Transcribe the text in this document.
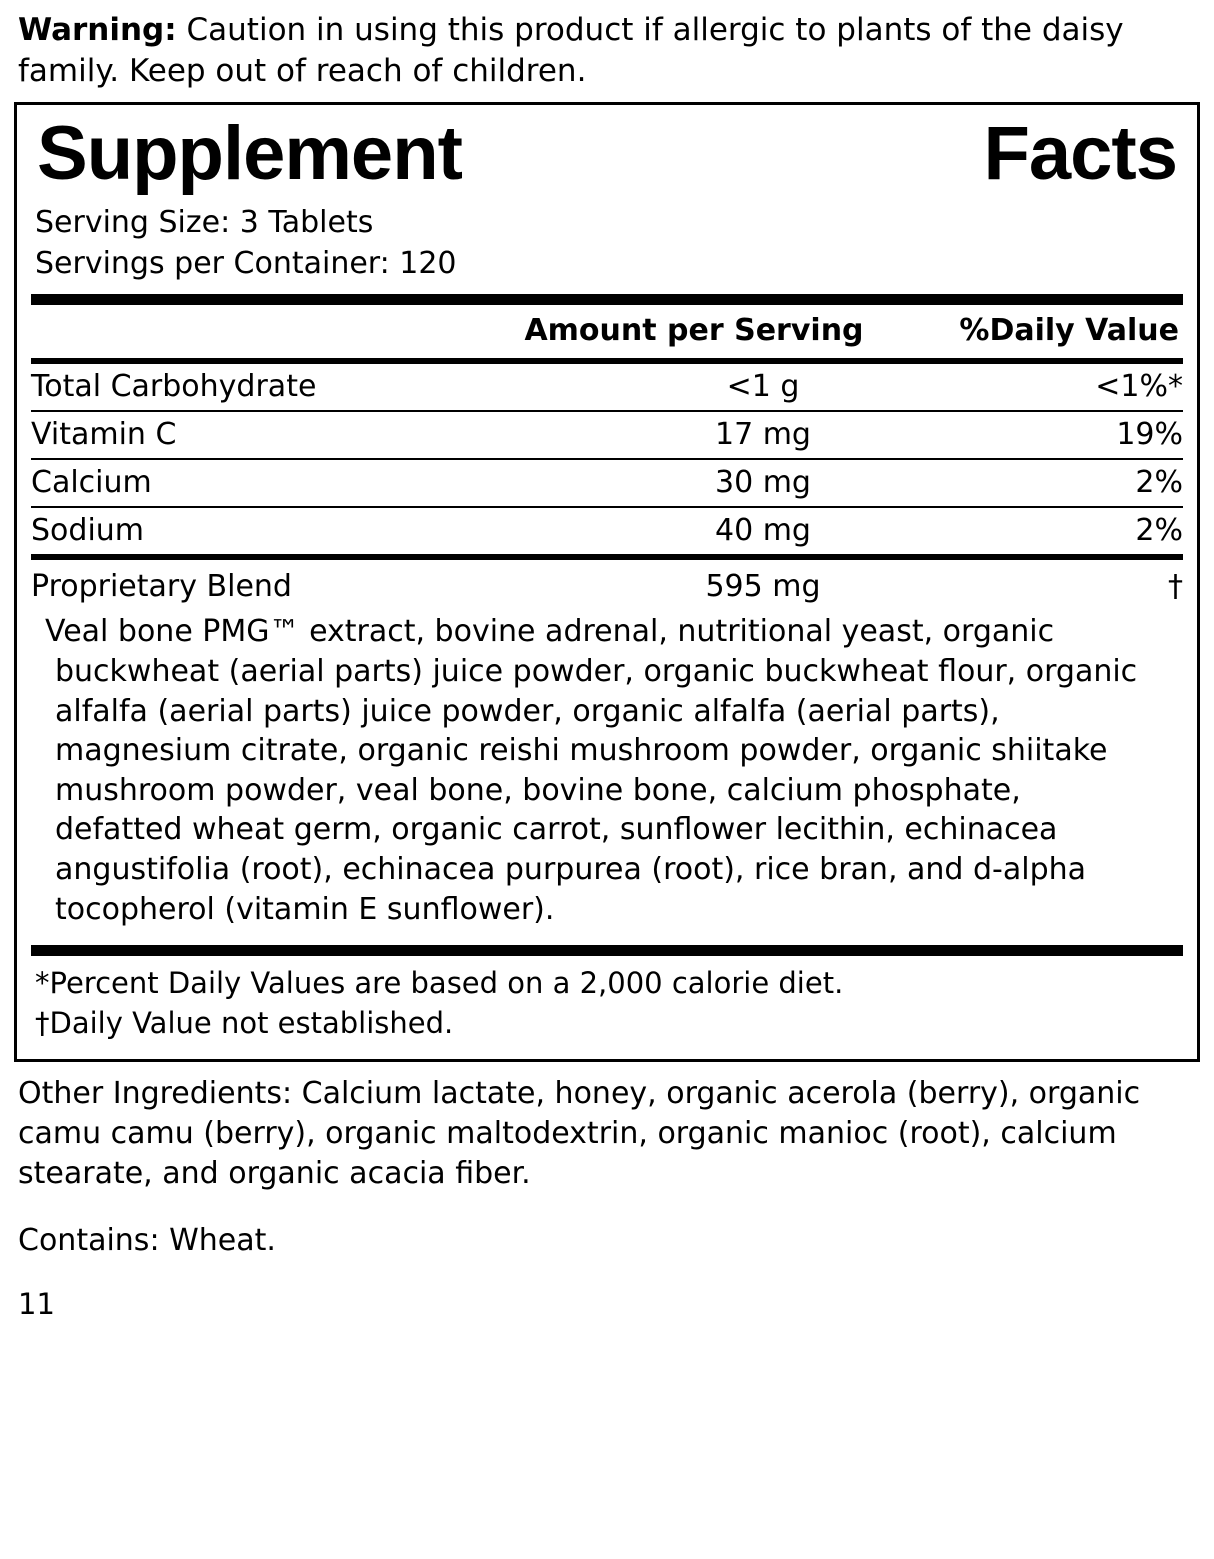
Warning: Caution in using this product if allergic to plants of the daisy family. Keep out of reach of children.
Supplement	Facts
Serving Size: 3 Tablets
Servings per Container: 120
	Amount per Serving	%Daily Value
Total Carbohydrate	<1 g	<1%*
Vitamin C	17 mg	19%
Calcium	30 mg	2%
Sodium	40 mg	2%
Proprietary Blend	595 mg	†
Veal bone PMG™ extract, bovine adrenal, nutritional yeast, organic buckwheat (aerial parts) juice powder, organic buckwheat flour, organic alfalfa (aerial parts) juice powder, organic alfalfa (aerial parts), magnesium citrate, organic reishi mushroom powder, organic shiitake mushroom powder, veal bone, bovine bone, calcium phosphate, defatted wheat germ, organic carrot, sunflower lecithin, echinacea angustifolia (root), echinacea purpurea (root), rice bran, and d-alpha tocopherol (vitamin E sunflower).
*Percent Daily Values are based on a 2,000 calorie diet.
†Daily Value not established.
Other Ingredients: Calcium lactate, honey, organic acerola (berry), organic camu camu (berry), organic maltodextrin, organic manioc (root), calcium stearate, and organic acacia fiber.
Contains: Wheat.
11
